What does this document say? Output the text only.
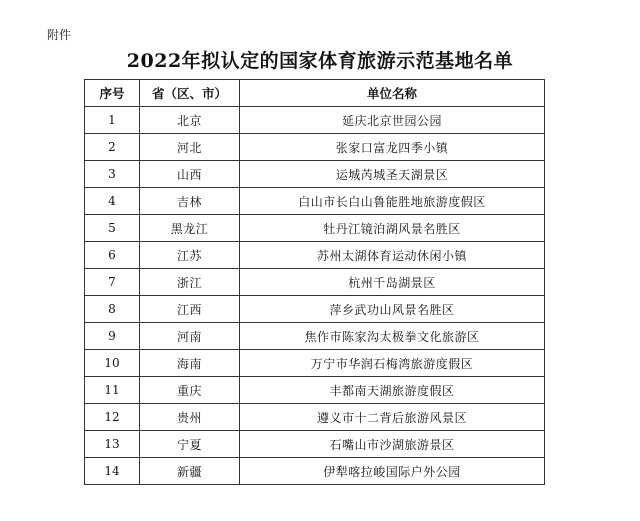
附件
2022年拟认定的国家体育旅游示范基地名单
序号	省（区、市）	单位名称
1	北京	延庆北京世园公园
2	河北	张家口富龙四季小镇
3	山西	运城芮城圣天湖景区
4	吉林	白山市长白山鲁能胜地旅游度假区
5	黑龙江	牡丹江镜泊湖风景名胜区
6	江苏	苏州太湖体育运动休闲小镇
7	浙江	杭州千岛湖景区
8	江西	萍乡武功山风景名胜区
9	河南	焦作市陈家沟太极拳文化旅游区
10	海南	万宁市华润石梅湾旅游度假区
11	重庆	丰都南天湖旅游度假区
12	贵州	遵义市十二背后旅游风景区
13	宁夏	石嘴山市沙湖旅游景区
14	新疆	伊犁喀拉峻国际户外公园
